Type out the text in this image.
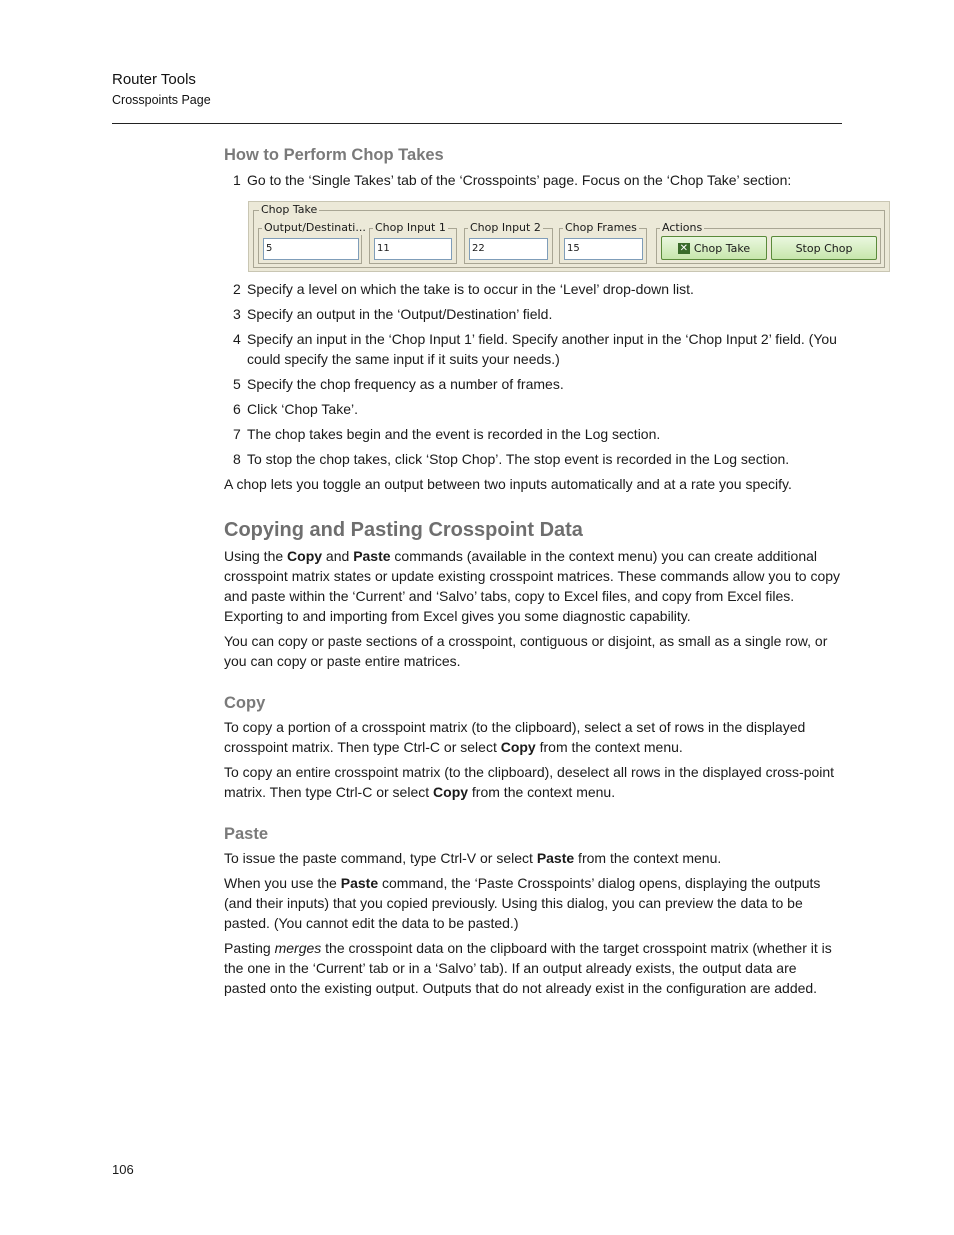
Router Tools
Crosspoints Page
How to Perform Chop Takes
1 Go to the ‘Single Takes’ tab of the ‘Crosspoints’ page. Focus on the ‘Chop Take’ section:
2 Specify a level on which the take is to occur in the ‘Level’ drop-down list.
3 Specify an output in the ‘Output/Destination’ field.
4 Specify an input in the ‘Chop Input 1’ field. Specify another input in the ‘Chop Input 2’ field. (You could specify the same input if it suits your needs.)
5 Specify the chop frequency as a number of frames.
6 Click ‘Chop Take’.
7 The chop takes begin and the event is recorded in the Log section.
8 To stop the chop takes, click ‘Stop Chop’. The stop event is recorded in the Log section.

A chop lets you toggle an output between two inputs automatically and at a rate you specify.

Copying and Pasting Crosspoint Data

Using the Copy and Paste commands (available in the context menu) you can create additional crosspoint matrix states or update existing crosspoint matrices. These commands allow you to copy and paste within the ‘Current’ and ‘Salvo’ tabs, copy to Excel files, and copy from Excel files. Exporting to and importing from Excel gives you some diagnostic capability.

You can copy or paste sections of a crosspoint, contiguous or disjoint, as small as a single row, or you can copy or paste entire matrices.

Copy

To copy a portion of a crosspoint matrix (to the clipboard), select a set of rows in the displayed crosspoint matrix. Then type Ctrl-C or select Copy from the context menu.

To copy an entire crosspoint matrix (to the clipboard), deselect all rows in the displayed cross-point matrix. Then type Ctrl-C or select Copy from the context menu.

Paste

To issue the paste command, type Ctrl-V or select Paste from the context menu.

When you use the Paste command, the ‘Paste Crosspoints’ dialog opens, displaying the outputs (and their inputs) that you copied previously. Using this dialog, you can preview the data to be pasted. (You cannot edit the data to be pasted.)

Pasting merges the crosspoint data on the clipboard with the target crosspoint matrix (whether it is the one in the ‘Current’ tab or in a ‘Salvo’ tab). If an output already exists, the output data are pasted onto the existing output. Outputs that do not already exist in the configuration are added.

Chop Take
Output/Destinati...
5
Chop Input 1
11
Chop Input 2
22
Chop Frames
15
Actions
✕ Chop Take	Stop Chop
106
